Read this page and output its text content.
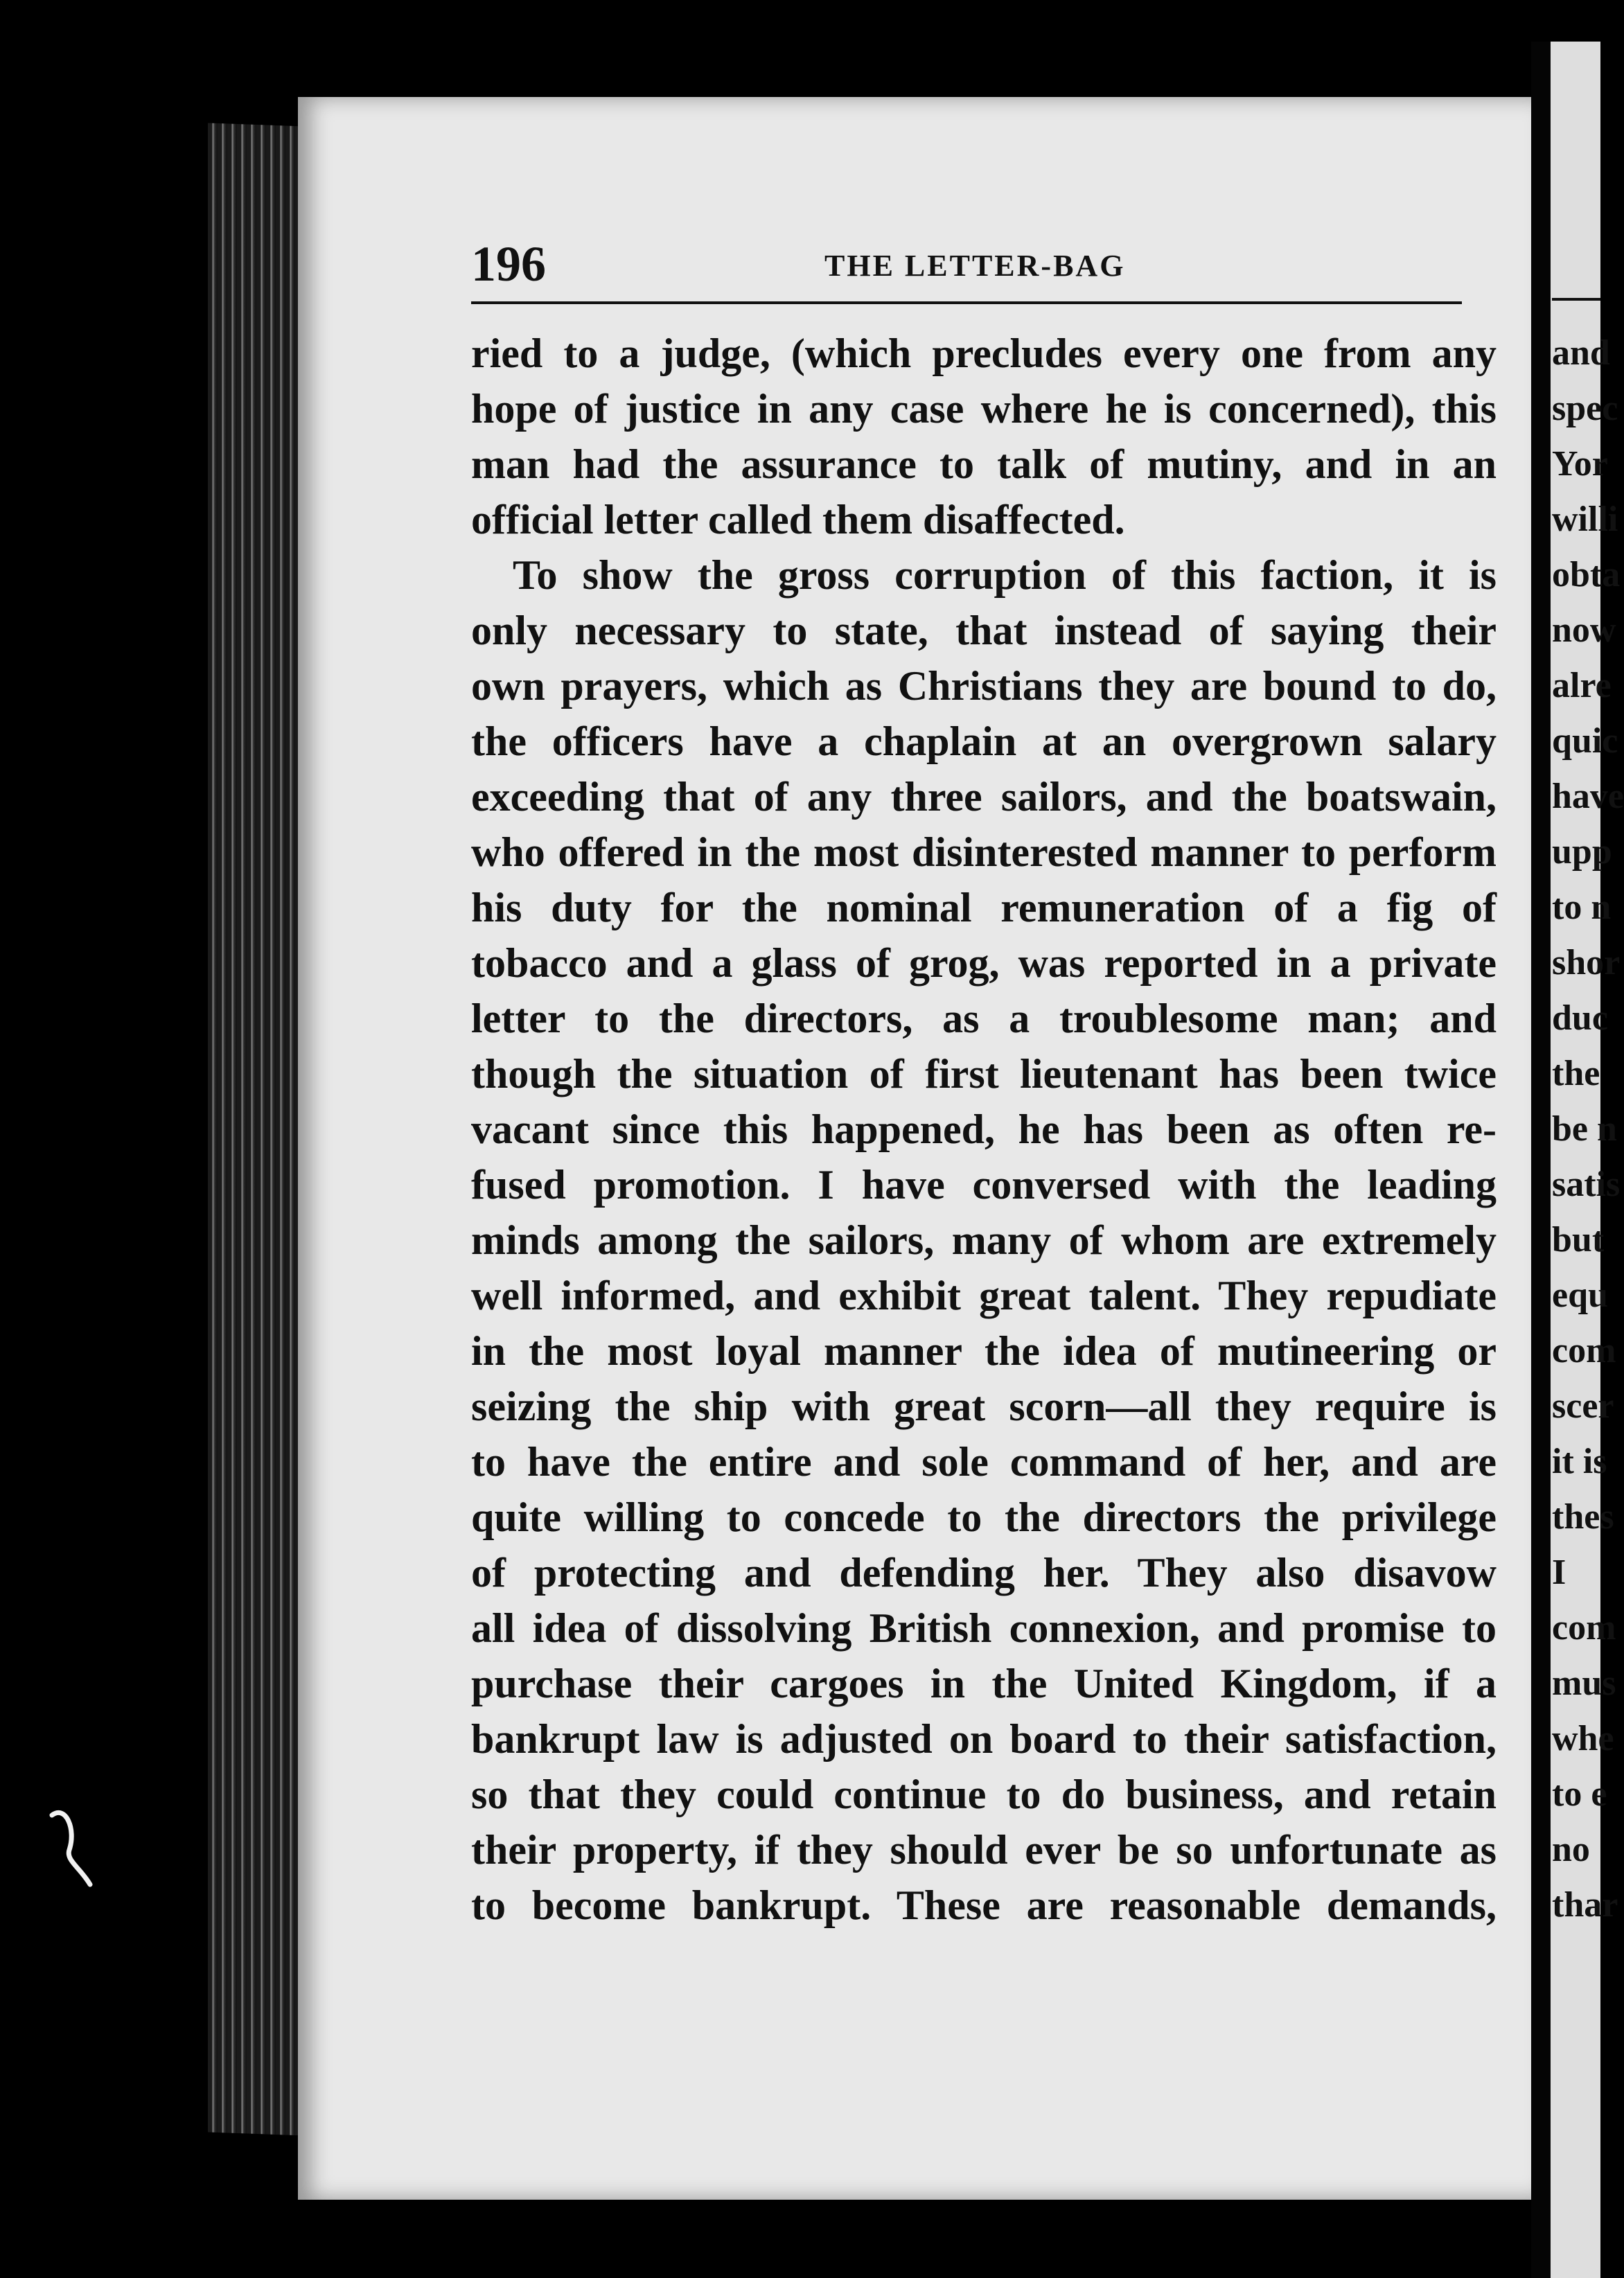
196	THE LETTER-BAG
ried to a judge, (which precludes every one from any
hope of justice in any case where he is concerned), this
man had the assurance to talk of mutiny, and in an
official letter called them disaffected.
To show the gross corruption of this faction, it is
only necessary to state, that instead of saying their
own prayers, which as Christians they are bound to do,
the officers have a chaplain at an overgrown salary
exceeding that of any three sailors, and the boatswain,
who offered in the most disinterested manner to perform
his duty for the nominal remuneration of a fig of
tobacco and a glass of grog, was reported in a private
letter to the directors, as a troublesome man; and
though the situation of first lieutenant has been twice
vacant since this happened, he has been as often re-
fused promotion. I have conversed with the leading
minds among the sailors, many of whom are extremely
well informed, and exhibit great talent. They repudiate
in the most loyal manner the idea of mutineering or
seizing the ship with great scorn—all they require is
to have the entire and sole command of her, and are
quite willing to concede to the directors the privilege
of protecting and defending her. They also disavow
all idea of dissolving British connexion, and promise to
purchase their cargoes in the United Kingdom, if a
bankrupt law is adjusted on board to their satisfaction,
so that they could continue to do business, and retain
their property, if they should ever be so unfortunate as
to become bankrupt. These are reasonable demands,
and
spec
Yor
willi
obta
now
alre
quic
have
upp
to n
shor
duc
the
be n
satis
but
equ
com
scer
it is
thes
I
com
mus
whe
to e
no
thar
